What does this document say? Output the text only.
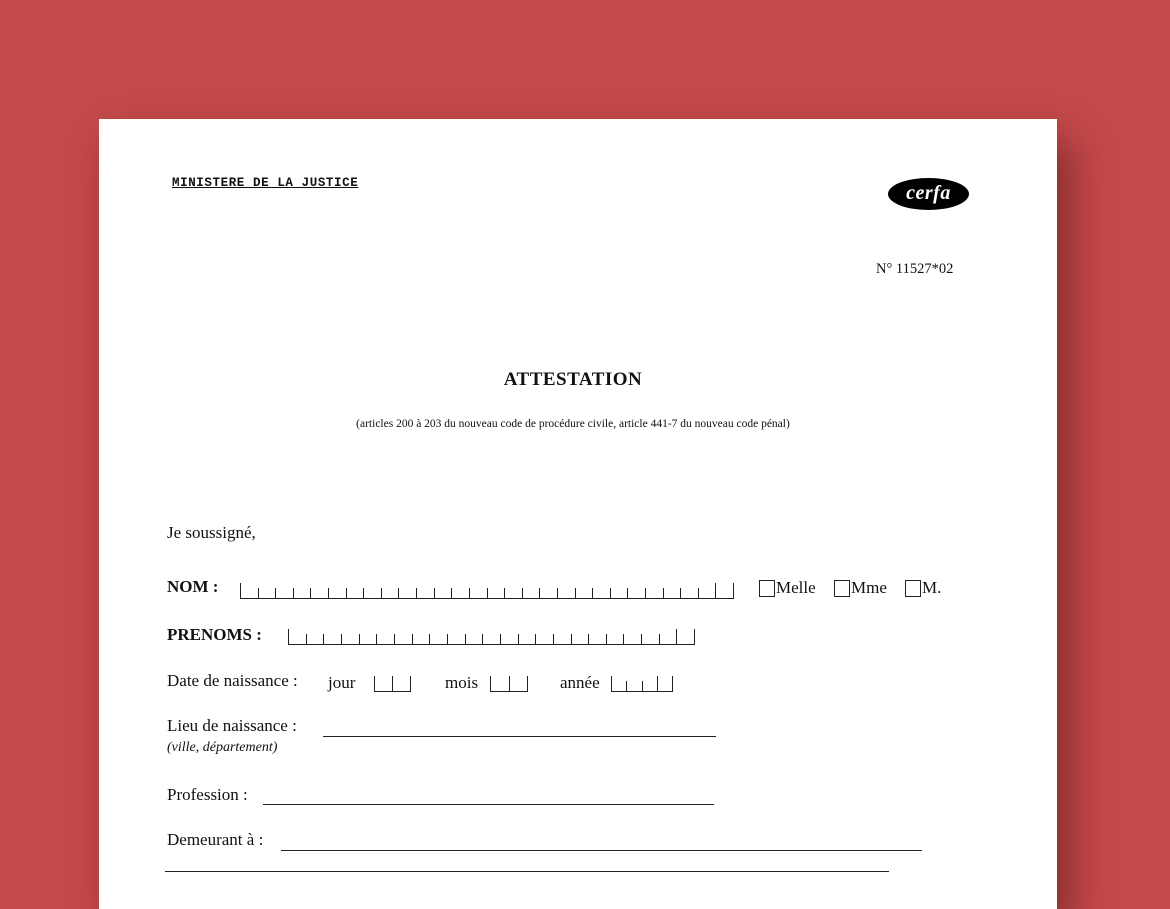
MINISTERE DE LA JUSTICE	cerfa
N° 11527*02
ATTESTATION
(articles 200 à 203 du nouveau code de procédure civile, article 441-7 du nouveau code pénal)
Je soussigné,
NOM :	Melle Mme M.
PRENOMS :
Date de naissance : jour	mois	année
Lieu de naissance :
(ville, département)
Profession :
Demeurant à :
